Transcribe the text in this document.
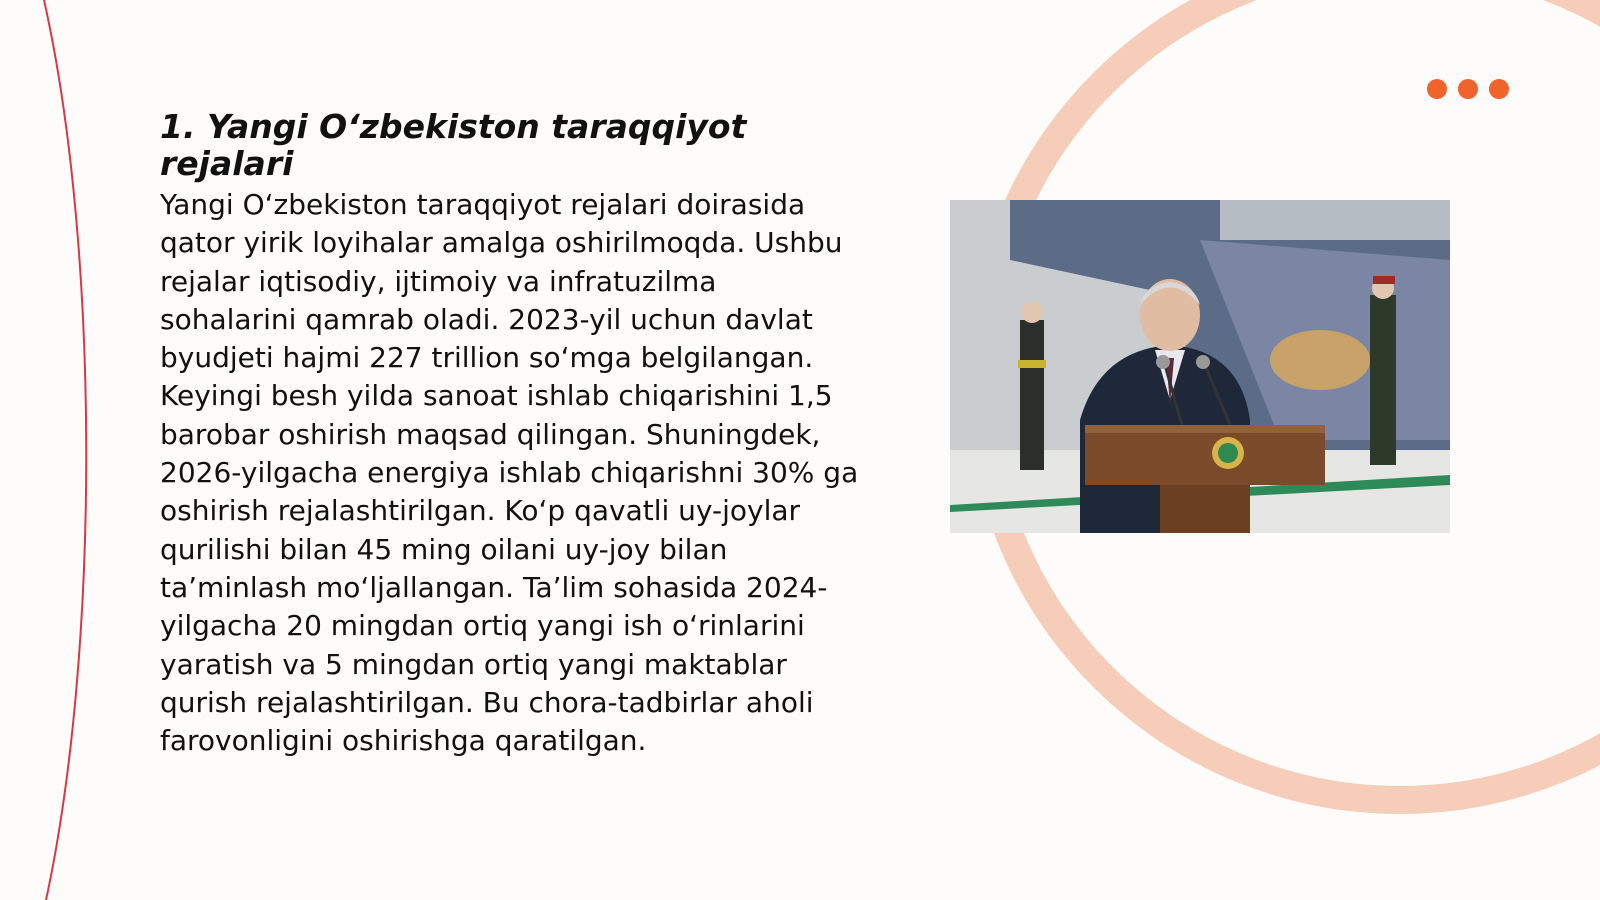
1. Yangi O‘zbekiston taraqqiyot rejalari

Yangi O‘zbekiston taraqqiyot rejalari doirasida qator yirik loyihalar amalga oshirilmoqda. Ushbu rejalar iqtisodiy, ijtimoiy va infratuzilma sohalarini qamrab oladi. 2023-yil uchun davlat byudjeti hajmi 227 trillion so‘mga belgilangan. Keyingi besh yilda sanoat ishlab chiqarishini 1,5 barobar oshirish maqsad qilingan. Shuningdek, 2026-yilgacha energiya ishlab chiqarishni 30% ga oshirish rejalashtirilgan. Ko‘p qavatli uy-joylar qurilishi bilan 45 ming oilani uy-joy bilan ta’minlash mo‘ljallangan. Ta’lim sohasida 2024-yilgacha 20 mingdan ortiq yangi ish o‘rinlarini yaratish va 5 mingdan ortiq yangi maktablar qurish rejalashtirilgan. Bu chora-tadbirlar aholi farovonligini oshirishga qaratilgan.
